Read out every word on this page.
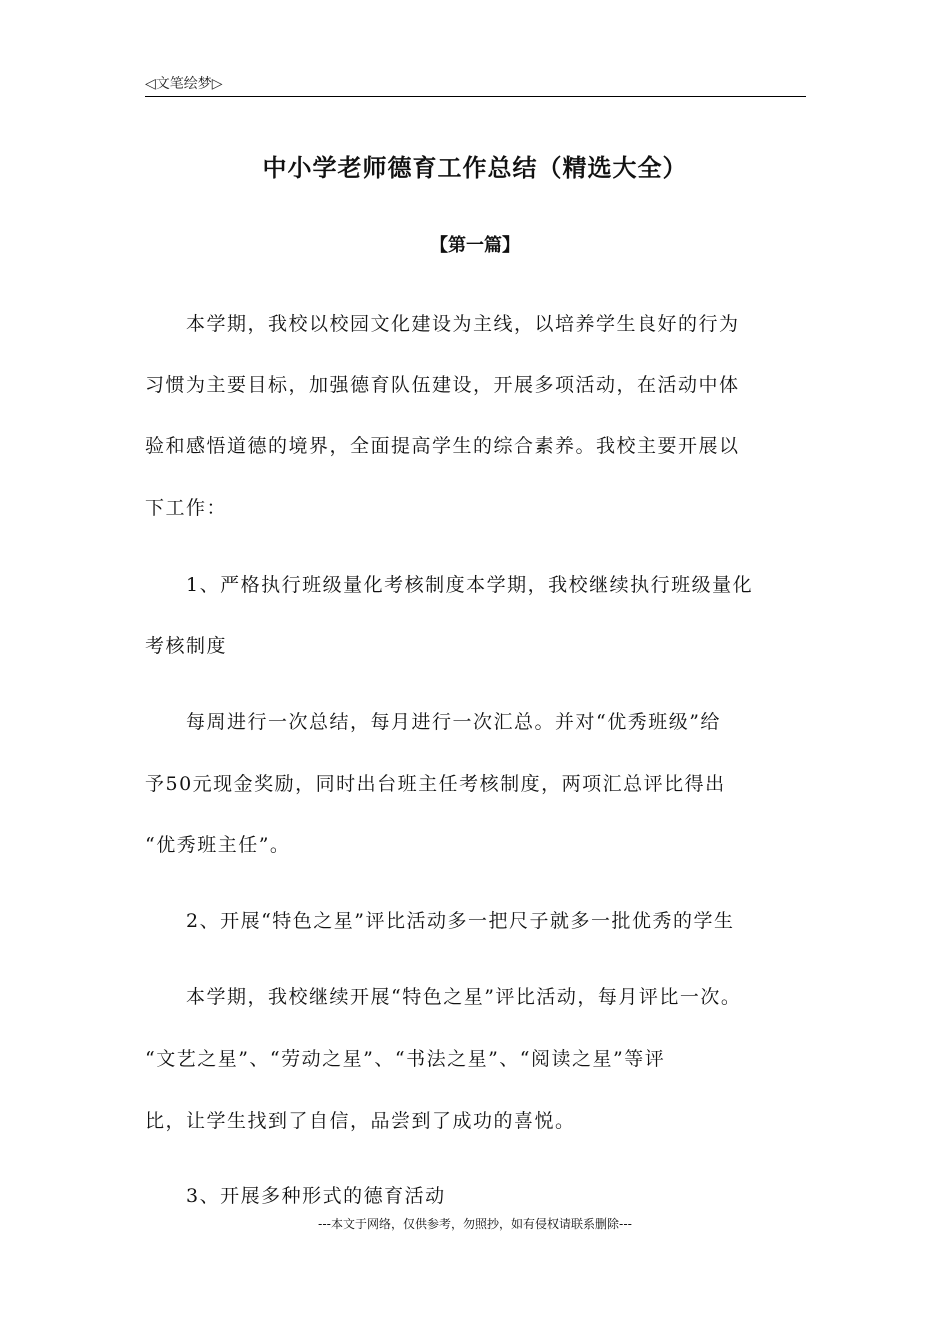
◁文笔绘梦▷
中小学老师德育工作总结（精选大全）
【第一篇】
　　本学期，我校以校园文化建设为主线，以培养学生良好的行为
习惯为主要目标，加强德育队伍建设，开展多项活动，在活动中体
验和感悟道德的境界，全面提高学生的综合素养。我校主要开展以
下工作：
　　1、严格执行班级量化考核制度本学期，我校继续执行班级量化
考核制度
　　每周进行一次总结，每月进行一次汇总。并对“优秀班级”给
予50元现金奖励，同时出台班主任考核制度，两项汇总评比得出
“优秀班主任”。
　　2、开展“特色之星”评比活动多一把尺子就多一批优秀的学生
　　本学期，我校继续开展“特色之星”评比活动，每月评比一次。
“文艺之星”、“劳动之星”、“书法之星”、“阅读之星”等评
比，让学生找到了自信，品尝到了成功的喜悦。
　　3、开展多种形式的德育活动
---本文于网络，仅供参考，勿照抄，如有侵权请联系删除---
